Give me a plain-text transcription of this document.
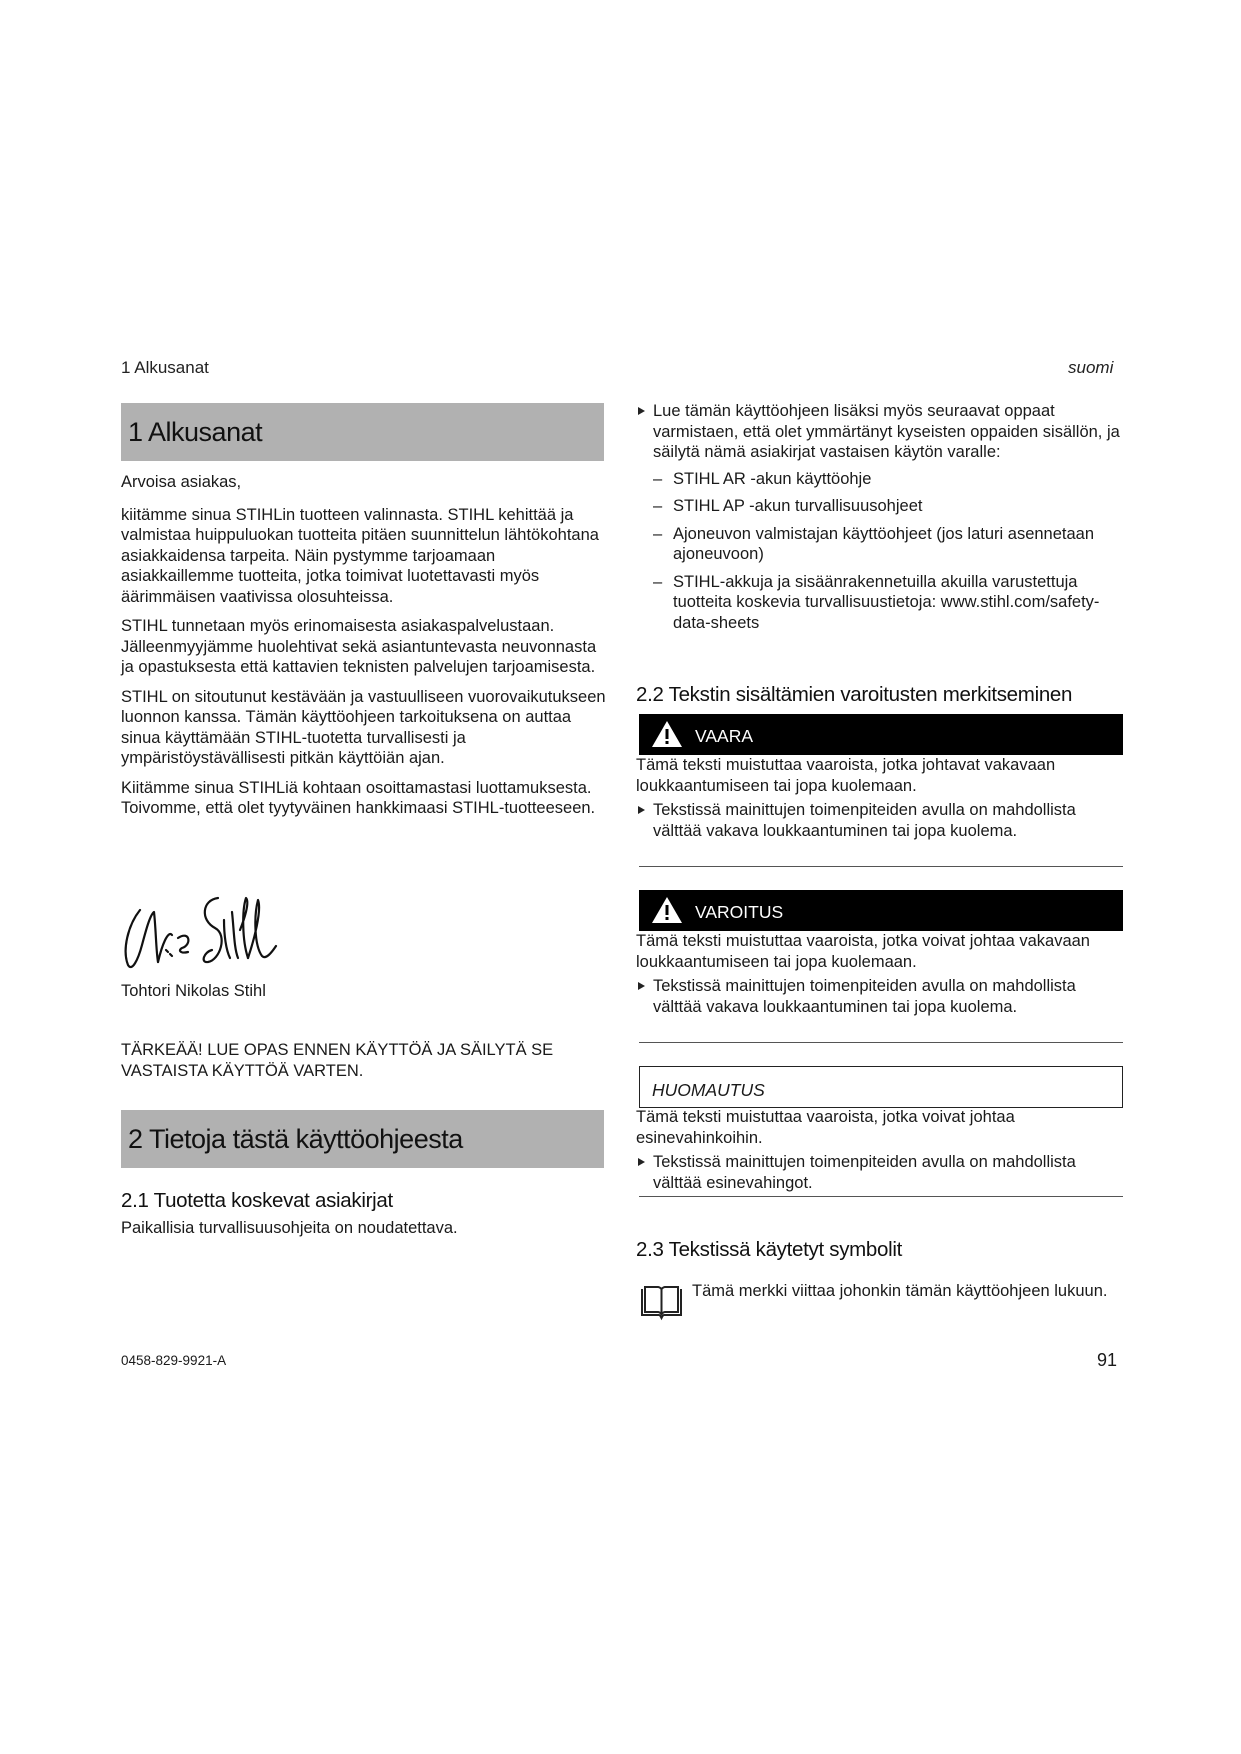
1 Alkusanat	suomi
1 Alkusanat

Arvoisa asiakas,

kiitämme sinua STIHLin tuotteen valinnasta. STIHL kehittää ja valmistaa huippuluokan tuotteita pitäen suunnittelun lähtökohtana asiakkaidensa tarpeita. Näin pystymme tarjoamaan asiakkaillemme tuotteita, jotka toimivat luotettavasti myös äärimmäisen vaativissa olosuhteissa.

STIHL tunnetaan myös erinomaisesta asiakaspalvelustaan. Jälleenmyyjämme huolehtivat sekä asiantuntevasta neuvonnasta ja opastuksesta että kattavien teknisten palvelujen tarjoamisesta.

STIHL on sitoutunut kestävään ja vastuulliseen vuorovaikutukseen luonnon kanssa. Tämän käyttöohjeen tarkoituksena on auttaa sinua käyttämään STIHL-tuotetta turvallisesti ja ympäristöystävällisesti pitkän käyttöiän ajan.

Kiitämme sinua STIHLiä kohtaan osoittamastasi luottamuksesta. Toivomme, että olet tyytyväinen hankkimaasi STIHL-tuotteeseen.

Tohtori Nikolas Stihl
TÄRKEÄÄ! LUE OPAS ENNEN KÄYTTÖÄ JA SÄILYTÄ SE
VASTAISTA KÄYTTÖÄ VARTEN.
2 Tietoja tästä käyttöohjeesta
2.1 Tuotetta koskevat asiakirjat
Paikallisia turvallisuusohjeita on noudatettava.
Lue tämän käyttöohjeen lisäksi myös seuraavat oppaat varmistaen, että olet ymmärtänyt kyseisten oppaiden sisällön, ja säilytä nämä asiakirjat vastaisen käytön varalle:
– STIHL AR -akun käyttöohje
– STIHL AP -akun turvallisuusohjeet
– Ajoneuvon valmistajan käyttöohjeet (jos laturi asennetaan ajoneuvoon)
– STIHL-akkuja ja sisäänrakennetuilla akuilla varustettuja tuotteita koskevia turvallisuustietoja: www.stihl.com/safety-data-sheets
2.2 Tekstin sisältämien varoitusten merkitseminen
VAARA
Tämä teksti muistuttaa vaaroista, jotka johtavat vakavaan loukkaantumiseen tai jopa kuolemaan.
Tekstissä mainittujen toimenpiteiden avulla on mahdollista välttää vakava loukkaantuminen tai jopa kuolema.
VAROITUS
Tämä teksti muistuttaa vaaroista, jotka voivat johtaa vakavaan loukkaantumiseen tai jopa kuolemaan.
Tekstissä mainittujen toimenpiteiden avulla on mahdollista välttää vakava loukkaantuminen tai jopa kuolema.
HUOMAUTUS
Tämä teksti muistuttaa vaaroista, jotka voivat johtaa esinevahinkoihin.
Tekstissä mainittujen toimenpiteiden avulla on mahdollista välttää esinevahingot.
2.3 Tekstissä käytetyt symbolit
Tämä merkki viittaa johonkin tämän käyttöohjeen lukuun.
0458-829-9921-A	91
